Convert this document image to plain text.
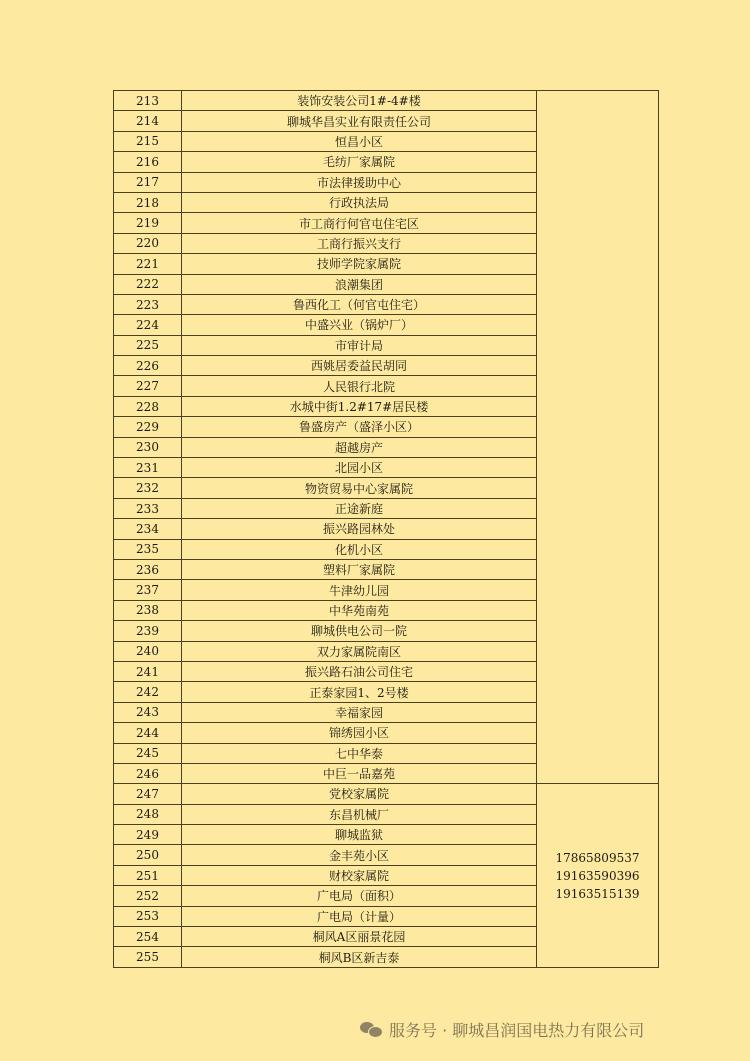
213	装饰安装公司1#-4#楼	
214	聊城华昌实业有限责任公司	
215	恒昌小区	
216	毛纺厂家属院	
217	市法律援助中心	
218	行政执法局	
219	市工商行何官屯住宅区	
220	工商行振兴支行	
221	技师学院家属院	
222	浪潮集团	
223	鲁西化工（何官屯住宅）	
224	中盛兴业（锅炉厂）	
225	市审计局	
226	西姚居委益民胡同	
227	人民银行北院	
228	水城中街1.2#17#居民楼	
229	鲁盛房产（盛泽小区）	
230	超越房产	
231	北园小区	
232	物资贸易中心家属院	
233	正途新庭	
234	振兴路园林处	
235	化机小区	
236	塑料厂家属院	
237	牛津幼儿园	
238	中华苑南苑	
239	聊城供电公司一院	
240	双力家属院南区	
241	振兴路石油公司住宅	
242	正泰家园1、2号楼	
243	幸福家园	
244	锦绣园小区	
245	七中华泰	
246	中巨一品嘉苑	
247	党校家属院	17865809537
19163590396
19163515139

248	东昌机械厂	
249	聊城监狱	
250	金丰苑小区	
251	财校家属院	
252	广电局（面积）	
253	广电局（计量）	
254	桐风A区丽景花园	
255	桐风B区新吉泰	
服务号 · 聊城昌润国电热力有限公司
